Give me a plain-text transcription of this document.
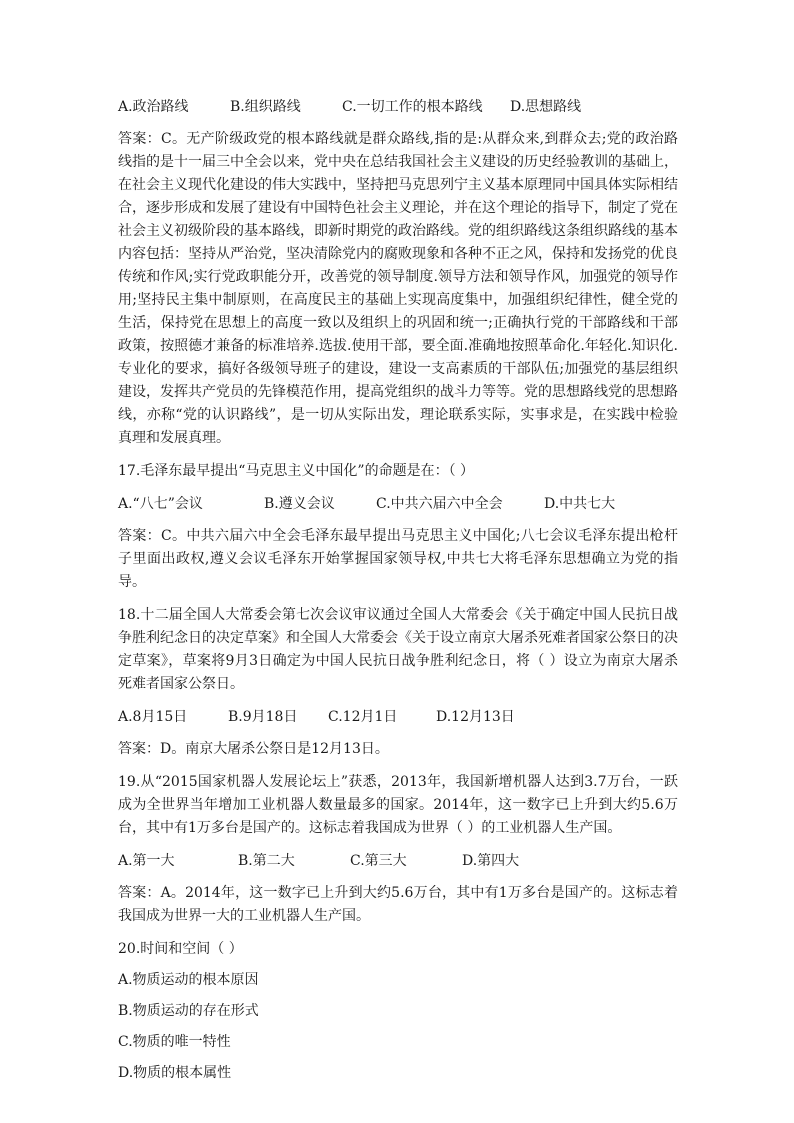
A.政治路线	B.组织路线	C.一切工作的根本路线	D.思想路线

答案：C。无产阶级政党的根本路线就是群众路线,指的是:从群众来,到群众去;党的政治路线指的是十一届三中全会以来，党中央在总结我国社会主义建设的历史经验教训的基础上，在社会主义现代化建设的伟大实践中，坚持把马克思列宁主义基本原理同中国具体实际相结合，逐步形成和发展了建设有中国特色社会主义理论，并在这个理论的指导下，制定了党在社会主义初级阶段的基本路线，即新时期党的政治路线。党的组织路线这条组织路线的基本内容包括：坚持从严治党，坚决清除党内的腐败现象和各种不正之风，保持和发扬党的优良传统和作风;实行党政职能分开，改善党的领导制度.领导方法和领导作风，加强党的领导作用;坚持民主集中制原则，在高度民主的基础上实现高度集中，加强组织纪律性，健全党的生活，保持党在思想上的高度一致以及组织上的巩固和统一;正确执行党的干部路线和干部政策，按照德才兼备的标准培养.选拔.使用干部，要全面.准确地按照革命化.年轻化.知识化.专业化的要求，搞好各级领导班子的建设，建设一支高素质的干部队伍;加强党的基层组织建设，发挥共产党员的先锋模范作用，提高党组织的战斗力等等。党的思想路线党的思想路线，亦称“党的认识路线”，是一切从实际出发，理论联系实际，实事求是，在实践中检验真理和发展真理。

17.毛泽东最早提出“马克思主义中国化”的命题是在：（ ）

A.“八七”会议	B.遵义会议	C.中共六届六中全会	D.中共七大

答案：C。中共六届六中全会毛泽东最早提出马克思主义中国化;八七会议毛泽东提出枪杆子里面出政权,遵义会议毛泽东开始掌握国家领导权,中共七大将毛泽东思想确立为党的指导。

18.十二届全国人大常委会第七次会议审议通过全国人大常委会《关于确定中国人民抗日战争胜利纪念日的决定草案》和全国人大常委会《关于设立南京大屠杀死难者国家公祭日的决定草案》，草案将9月3日确定为中国人民抗日战争胜利纪念日，将（ ）设立为南京大屠杀死难者国家公祭日。

A.8月15日	B.9月18日	C.12月1日	D.12月13日

答案：D。南京大屠杀公祭日是12月13日。

19.从“2015国家机器人发展论坛上”获悉，2013年，我国新增机器人达到3.7万台，一跃成为全世界当年增加工业机器人数量最多的国家。2014年，这一数字已上升到大约5.6万台，其中有1万多台是国产的。这标志着我国成为世界（ ）的工业机器人生产国。

A.第一大	B.第二大	C.第三大	D.第四大

答案：A。2014年，这一数字已上升到大约5.6万台，其中有1万多台是国产的。这标志着我国成为世界一大的工业机器人生产国。

20.时间和空间（ ）

A.物质运动的根本原因

B.物质运动的存在形式

C.物质的唯一特性

D.物质的根本属性
